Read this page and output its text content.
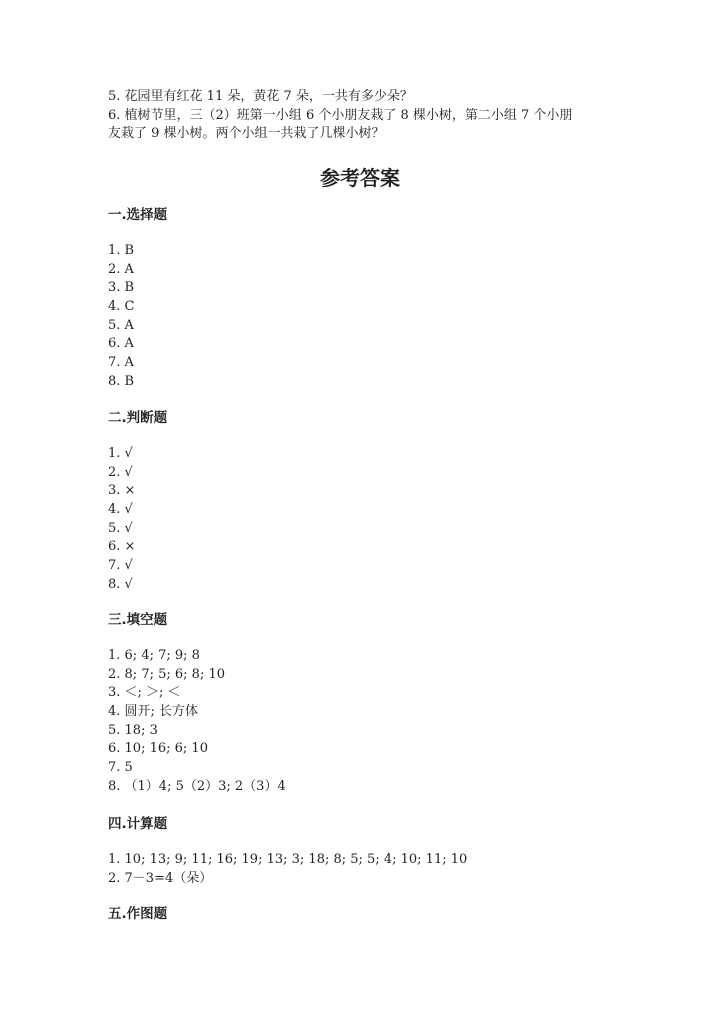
5. 花园里有红花 11 朵，黄花 7 朵，一共有多少朵？
6. 植树节里，三（2）班第一小组 6 个小朋友栽了 8 棵小树，第二小组 7 个小朋
友栽了 9 棵小树。两个小组一共栽了几棵小树？
参考答案
一.选择题
1. B
2. A
3. B
4. C
5. A
6. A
7. A
8. B
二.判断题
1. √
2. √
3. ×
4. √
5. √
6. ×
7. √
8. √
三.填空题
1. 6; 4; 7; 9; 8
2. 8; 7; 5; 6; 8; 10
3. ＜; ＞; ＜
4. 圆开; 长方体
5. 18; 3
6. 10; 16; 6; 10
7. 5
8. （1）4; 5（2）3; 2（3）4
四.计算题
1. 10; 13; 9; 11; 16; 19; 13; 3; 18; 8; 5; 5; 4; 10; 11; 10
2. 7－3=4（朵）
五.作图题
